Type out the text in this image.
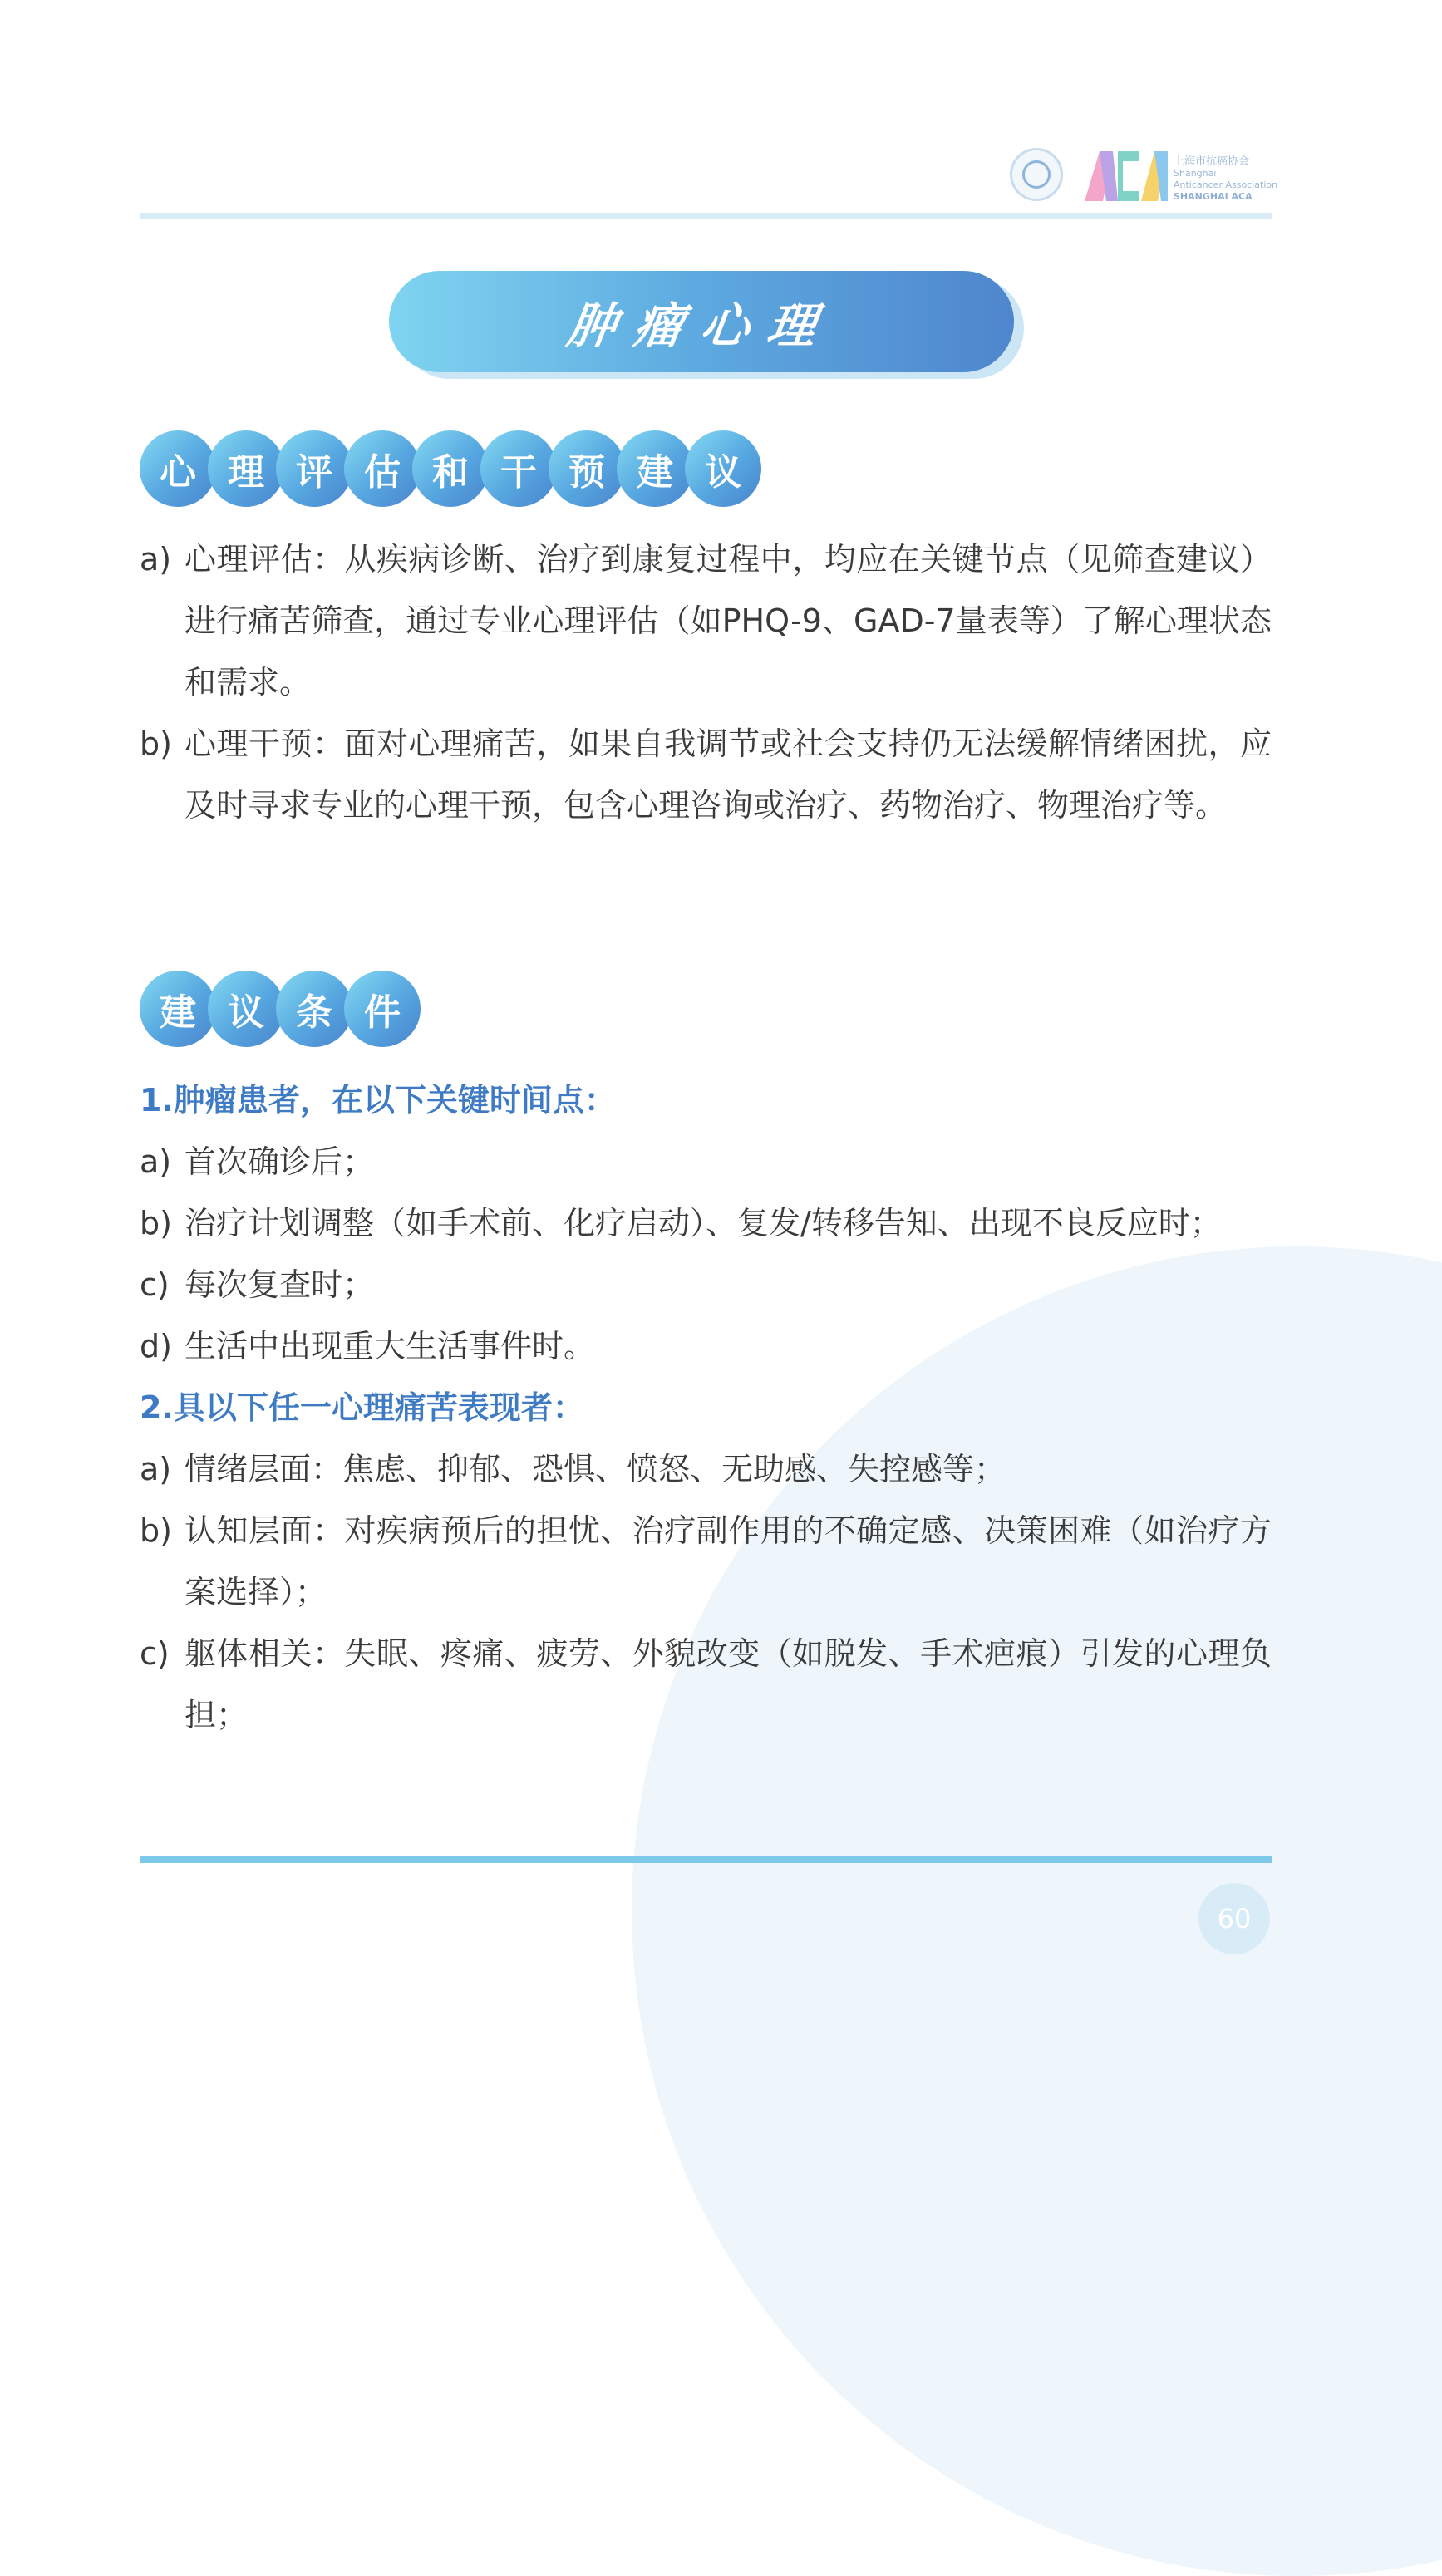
上海市抗癌协会
Shanghai
Anticancer Association
SHANGHAI ACA
肿瘤心理
心 理 评 估 和 干 预 建 议
a) 心理评估：从疾病诊断、治疗到康复过程中，均应在关键节点（见筛查建议）进行痛苦筛查，通过专业心理评估（如PHQ-9、GAD-7量表等）了解心理状态和需求。
b) 心理干预：面对心理痛苦，如果自我调节或社会支持仍无法缓解情绪困扰，应及时寻求专业的心理干预，包含心理咨询或治疗、药物治疗、物理治疗等。
建 议 条 件
1.肿瘤患者，在以下关键时间点：
a) 首次确诊后；
b) 治疗计划调整（如手术前、化疗启动）、复发/转移告知、出现不良反应时；
c) 每次复查时；
d) 生活中出现重大生活事件时。
2.具以下任一心理痛苦表现者：
a) 情绪层面：焦虑、抑郁、恐惧、愤怒、无助感、失控感等；
b) 认知层面：对疾病预后的担忧、治疗副作用的不确定感、决策困难（如治疗方案选择）；
c) 躯体相关：失眠、疼痛、疲劳、外貌改变（如脱发、手术疤痕）引发的心理负担；
60
